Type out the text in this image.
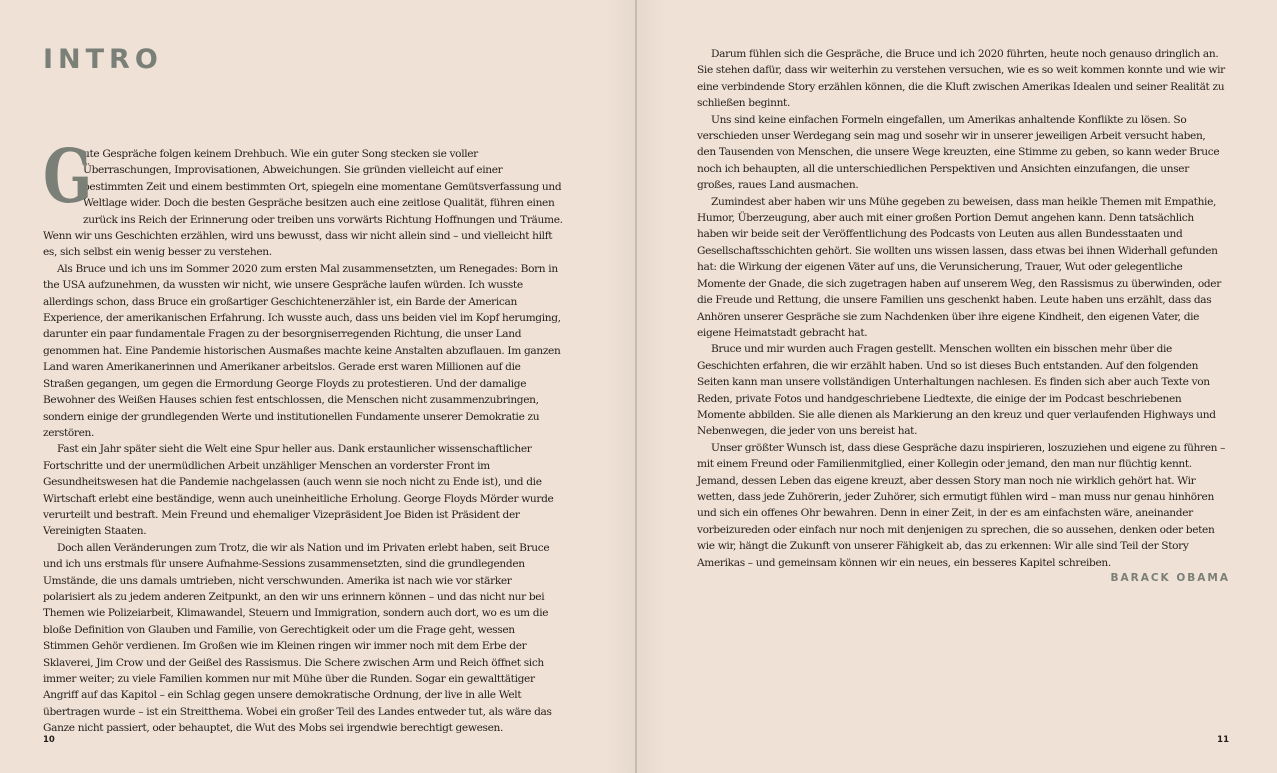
INTRO

G
ute Gespräche folgen keinem Drehbuch. Wie ein guter Song stecken sie voller Überraschungen, Improvisationen, Abweichungen. Sie gründen vielleicht auf einer bestimmten Zeit und einem bestimmten Ort, spiegeln eine momentane Gemütsverfassung und Weltlage wider. Doch die besten Gespräche besitzen auch eine zeitlose Qualität, führen einen zurück ins Reich der Erinnerung oder treiben uns vorwärts Richtung Hoffnungen und Träume. Wenn wir uns Geschichten erzählen, wird uns bewusst, dass wir nicht allein sind – und vielleicht hilft es, sich selbst ein wenig besser zu verstehen.

Als Bruce und ich uns im Sommer 2020 zum ersten Mal zusammensetzten, um Renegades: Born in the USA aufzunehmen, da wussten wir nicht, wie unsere Gespräche laufen würden. Ich wusste allerdings schon, dass Bruce ein großartiger Geschichtenerzähler ist, ein Barde der American Experience, der amerikanischen Erfahrung. Ich wusste auch, dass uns beiden viel im Kopf herumging, darunter ein paar fundamentale Fragen zu der besorgniserregenden Richtung, die unser Land genommen hat. Eine Pandemie historischen Ausmaßes machte keine Anstalten abzuflauen. Im ganzen Land waren Amerikanerinnen und Amerikaner arbeitslos. Gerade erst waren Millionen auf die Straßen gegangen, um gegen die Ermordung George Floyds zu protestieren. Und der damalige Bewohner des Weißen Hauses schien fest entschlossen, die Menschen nicht zusammenzubringen, sondern einige der grundlegenden Werte und institutionellen Fundamente unserer Demokratie zu zerstören.

Fast ein Jahr später sieht die Welt eine Spur heller aus. Dank erstaunlicher wissenschaftlicher Fortschritte und der unermüdlichen Arbeit unzähliger Menschen an vorderster Front im Gesundheitswesen hat die Pandemie nachgelassen (auch wenn sie noch nicht zu Ende ist), und die Wirtschaft erlebt eine beständige, wenn auch uneinheitliche Erholung. George Floyds Mörder wurde verurteilt und bestraft. Mein Freund und ehemaliger Vizepräsident Joe Biden ist Präsident der Vereinigten Staaten.

Doch allen Veränderungen zum Trotz, die wir als Nation und im Privaten erlebt haben, seit Bruce und ich uns erstmals für unsere Aufnahme-Sessions zusammensetzten, sind die grundlegenden Umstände, die uns damals umtrieben, nicht verschwunden. Amerika ist nach wie vor stärker polarisiert als zu jedem anderen Zeitpunkt, an den wir uns erinnern können – und das nicht nur bei Themen wie Polizeiarbeit, Klimawandel, Steuern und Immigration, sondern auch dort, wo es um die bloße Definition von Glauben und Familie, von Gerechtigkeit oder um die Frage geht, wessen Stimmen Gehör verdienen. Im Großen wie im Kleinen ringen wir immer noch mit dem Erbe der Sklaverei, Jim Crow und der Geißel des Rassismus. Die Schere zwischen Arm und Reich öffnet sich immer weiter; zu viele Familien kommen nur mit Mühe über die Runden. Sogar ein gewalttätiger Angriff auf das Kapitol – ein Schlag gegen unsere demokratische Ordnung, der live in alle Welt übertragen wurde – ist ein Streitthema. Wobei ein großer Teil des Landes entweder tut, als wäre das Ganze nicht passiert, oder behauptet, die Wut des Mobs sei irgendwie berechtigt gewesen.

10

Darum fühlen sich die Gespräche, die Bruce und ich 2020 führten, heute noch genauso dringlich an. Sie stehen dafür, dass wir weiterhin zu verstehen versuchen, wie es so weit kommen konnte und wie wir eine verbindende Story erzählen können, die die Kluft zwischen Amerikas Idealen und seiner Realität zu schließen beginnt.

Uns sind keine einfachen Formeln eingefallen, um Amerikas anhaltende Konflikte zu lösen. So verschieden unser Werdegang sein mag und sosehr wir in unserer jeweiligen Arbeit versucht haben, den Tausenden von Menschen, die unsere Wege kreuzten, eine Stimme zu geben, so kann weder Bruce noch ich behaupten, all die unterschiedlichen Perspektiven und Ansichten einzufangen, die unser großes, raues Land ausmachen.

Zumindest aber haben wir uns Mühe gegeben zu beweisen, dass man heikle Themen mit Empathie, Humor, Überzeugung, aber auch mit einer großen Portion Demut angehen kann. Denn tatsächlich haben wir beide seit der Veröffentlichung des Podcasts von Leuten aus allen Bundesstaaten und Gesellschaftsschichten gehört. Sie wollten uns wissen lassen, dass etwas bei ihnen Widerhall gefunden hat: die Wirkung der eigenen Väter auf uns, die Verunsicherung, Trauer, Wut oder gelegentliche Momente der Gnade, die sich zugetragen haben auf unserem Weg, den Rassismus zu überwinden, oder die Freude und Rettung, die unsere Familien uns geschenkt haben. Leute haben uns erzählt, dass das Anhören unserer Gespräche sie zum Nachdenken über ihre eigene Kindheit, den eigenen Vater, die eigene Heimatstadt gebracht hat.

Bruce und mir wurden auch Fragen gestellt. Menschen wollten ein bisschen mehr über die Geschichten erfahren, die wir erzählt haben. Und so ist dieses Buch entstanden. Auf den folgenden Seiten kann man unsere vollständigen Unterhaltungen nachlesen. Es finden sich aber auch Texte von Reden, private Fotos und handgeschriebene Liedtexte, die einige der im Podcast beschriebenen Momente abbilden. Sie alle dienen als Markierung an den kreuz und quer verlaufenden Highways und Nebenwegen, die jeder von uns bereist hat.

Unser größter Wunsch ist, dass diese Gespräche dazu inspirieren, loszuziehen und eigene zu führen – mit einem Freund oder Familienmitglied, einer Kollegin oder jemand, den man nur flüchtig kennt. Jemand, dessen Leben das eigene kreuzt, aber dessen Story man noch nie wirklich gehört hat. Wir wetten, dass jede Zuhörerin, jeder Zuhörer, sich ermutigt fühlen wird – man muss nur genau hinhören und sich ein offenes Ohr bewahren. Denn in einer Zeit, in der es am einfachsten wäre, aneinander vorbeizureden oder einfach nur noch mit denjenigen zu sprechen, die so aussehen, denken oder beten wie wir, hängt die Zukunft von unserer Fähigkeit ab, das zu erkennen: Wir alle sind Teil der Story Amerikas – und gemeinsam können wir ein neues, ein besseres Kapitel schreiben.

BARACK OBAMA

11
